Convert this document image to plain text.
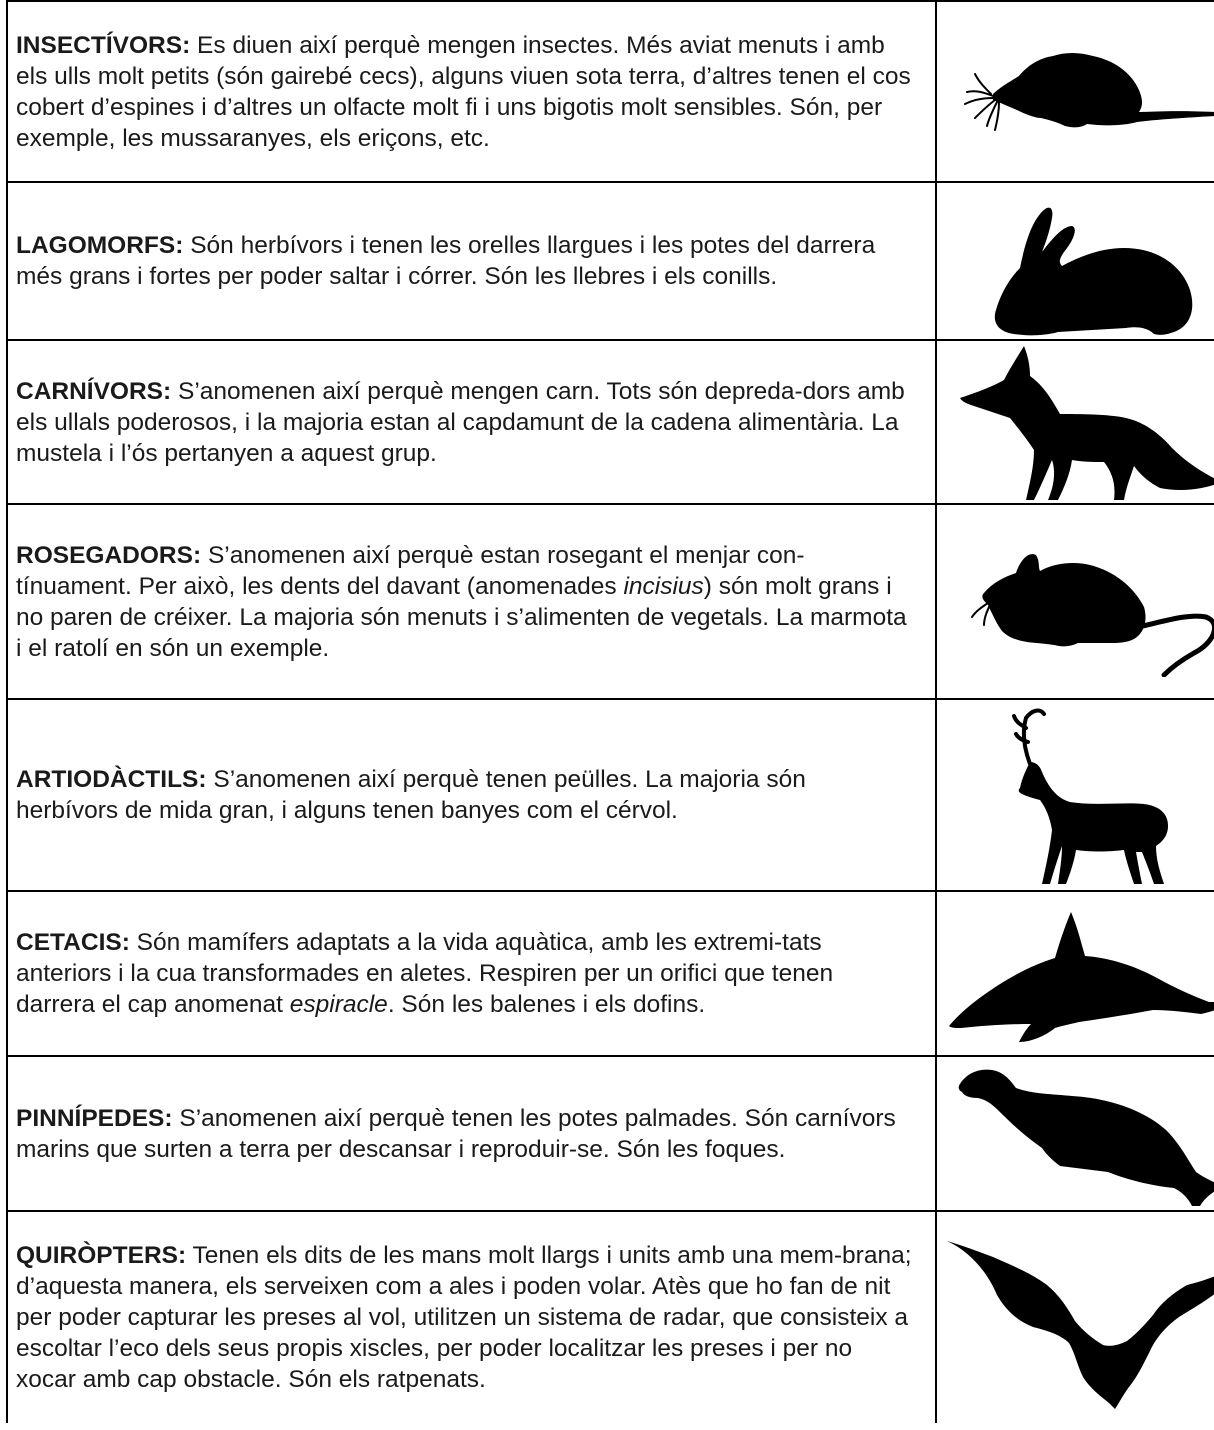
INSECTÍVORS: Es diuen així perquè mengen insectes. Més aviat menuts i amb els ulls molt petits (són gairebé cecs), alguns viuen sota terra, d’altres tenen el cos cobert d’espines i d’altres un olfacte molt fi i uns bigotis molt sensibles. Són, per exemple, les mussaranyes, els eriçons, etc.	

LAGOMORFS: Són herbívors i tenen les orelles llargues i les potes del darrera més grans i fortes per poder saltar i córrer. Són les llebres i els conills.	

CARNÍVORS: S’anomenen així perquè mengen carn. Tots són depreda-dors amb els ullals poderosos, i la majoria estan al capdamunt de la cadena alimentària. La mustela i l’ós pertanyen a aquest grup.	

ROSEGADORS: S’anomenen així perquè estan rosegant el menjar con-tínuament. Per això, les dents del davant (anomenades incisius) són molt grans i no paren de créixer. La majoria són menuts i s’alimenten de vegetals. La marmota i el ratolí en són un exemple.	

ARTIODÀCTILS: S’anomenen així perquè tenen peülles. La majoria són herbívors de mida gran, i alguns tenen banyes com el cérvol.	

CETACIS: Són mamífers adaptats a la vida aquàtica, amb les extremi-tats anteriors i la cua transformades en aletes. Respiren per un orifici que tenen darrera el cap anomenat espiracle. Són les balenes i els dofins.	

PINNÍPEDES: S’anomenen així perquè tenen les potes palmades. Són carnívors marins que surten a terra per descansar i reproduir-se. Són les foques.	

QUIRÒPTERS: Tenen els dits de les mans molt llargs i units amb una mem-brana; d’aquesta manera, els serveixen com a ales i poden volar. Atès que ho fan de nit per poder capturar les preses al vol, utilitzen un sistema de radar, que consisteix a escoltar l’eco dels seus propis xiscles, per poder localitzar les preses i per no xocar amb cap obstacle. Són els ratpenats.	
